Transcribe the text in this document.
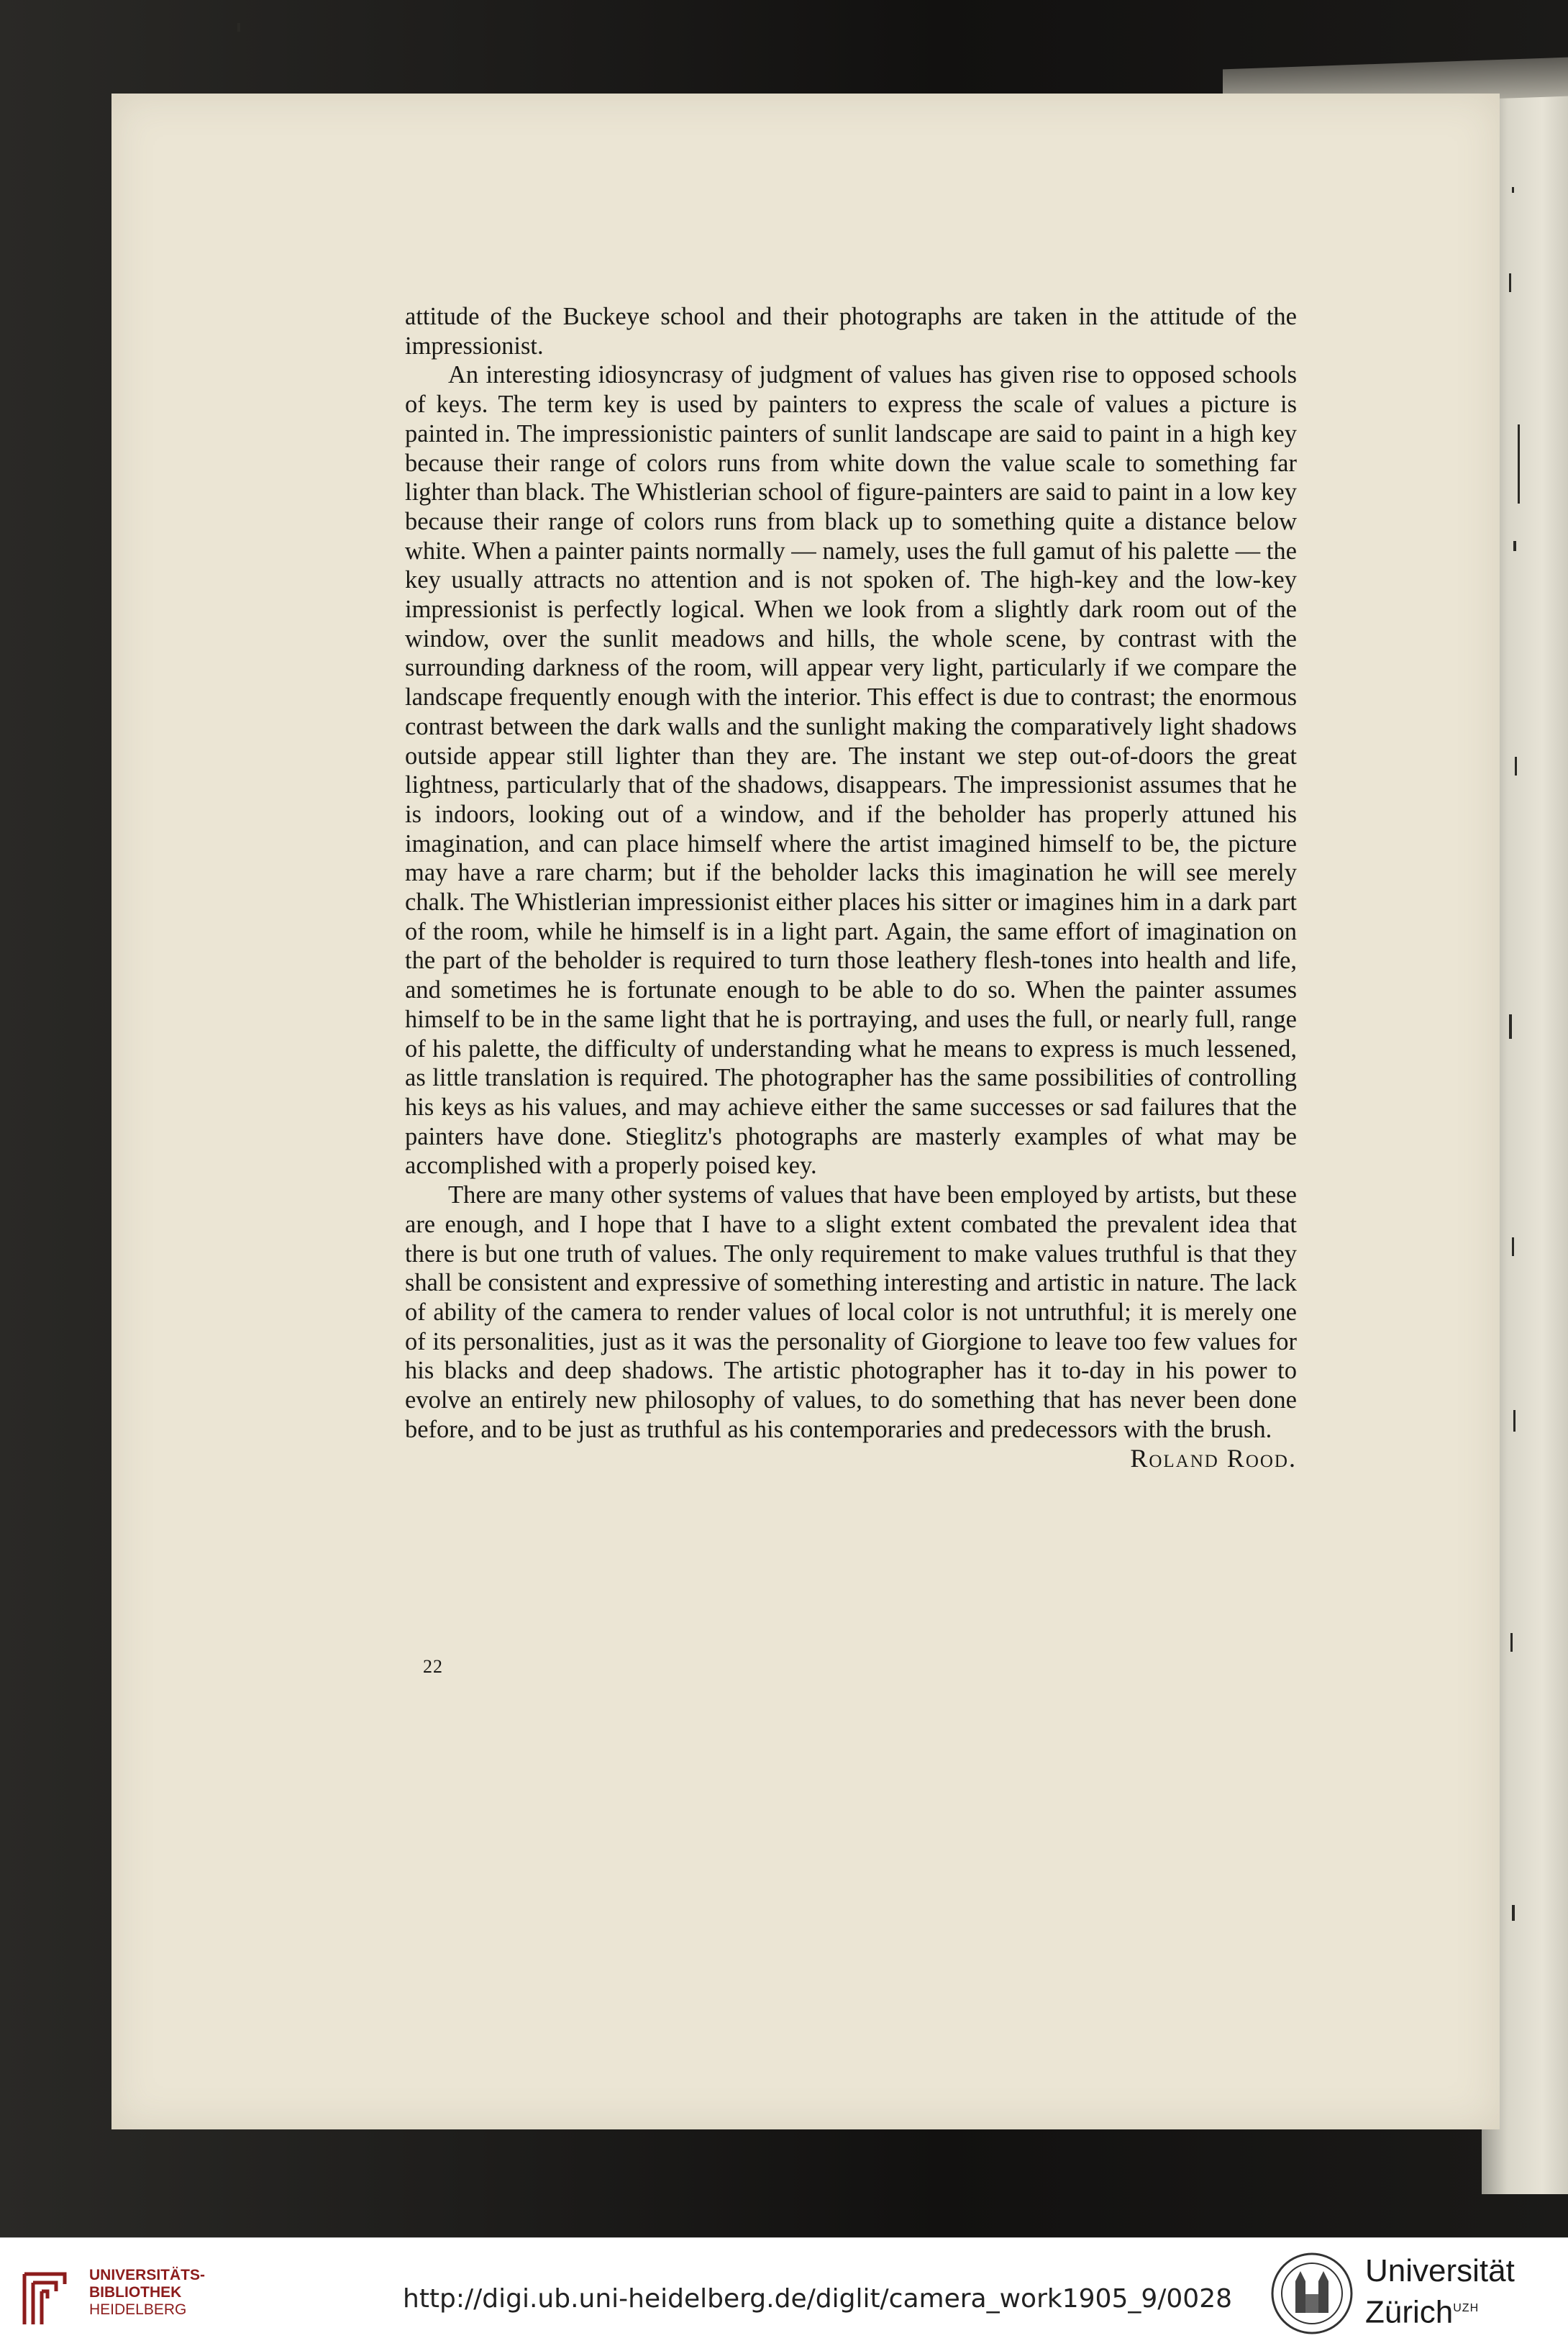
attitude of the Buckeye school and their photographs are taken in the attitude of the impressionist.

An interesting idiosyncrasy of judgment of values has given rise to opposed schools of keys. The term key is used by painters to express the scale of values a picture is painted in. The impressionistic painters of sunlit landscape are said to paint in a high key because their range of colors runs from white down the value scale to something far lighter than black. The Whistlerian school of figure-painters are said to paint in a low key because their range of colors runs from black up to something quite a distance below white. When a painter paints normally — namely, uses the full gamut of his palette — the key usually attracts no attention and is not spoken of. The high-key and the low-key impressionist is perfectly logical. When we look from a slightly dark room out of the window, over the sunlit meadows and hills, the whole scene, by contrast with the surrounding darkness of the room, will appear very light, particularly if we compare the landscape frequently enough with the interior. This effect is due to contrast; the enormous contrast between the dark walls and the sunlight making the comparatively light shadows outside appear still lighter than they are. The instant we step out-of-doors the great lightness, particularly that of the shadows, disappears. The impressionist assumes that he is indoors, looking out of a window, and if the beholder has properly attuned his imagination, and can place himself where the artist imagined himself to be, the picture may have a rare charm; but if the beholder lacks this imagination he will see merely chalk. The Whistlerian impressionist either places his sitter or imagines him in a dark part of the room, while he himself is in a light part. Again, the same effort of imagination on the part of the beholder is required to turn those leathery flesh-tones into health and life, and sometimes he is fortunate enough to be able to do so. When the painter assumes himself to be in the same light that he is portraying, and uses the full, or nearly full, range of his palette, the difficulty of understanding what he means to express is much lessened, as little translation is required. The photographer has the same possibilities of controlling his keys as his values, and may achieve either the same successes or sad failures that the painters have done. Stieglitz's photographs are masterly examples of what may be accomplished with a properly poised key.

There are many other systems of values that have been employed by artists, but these are enough, and I hope that I have to a slight extent combated the prevalent idea that there is but one truth of values. The only requirement to make values truthful is that they shall be consistent and expressive of something interesting and artistic in nature. The lack of ability of the camera to render values of local color is not untruthful; it is merely one of its personalities, just as it was the personality of Giorgione to leave too few values for his blacks and deep shadows. The artistic photographer has it to-day in his power to evolve an entirely new philosophy of values, to do something that has never been done before, and to be just as truthful as his contemporaries and predecessors with the brush.

Roland Rood.
22
UNIVERSITÄTS-
BIBLIOTHEK
HEIDELBERG	http://digi.ub.uni-heidelberg.de/diglit/camera_work1905_9/0028
Universität
Zürich$^{UZH}$
